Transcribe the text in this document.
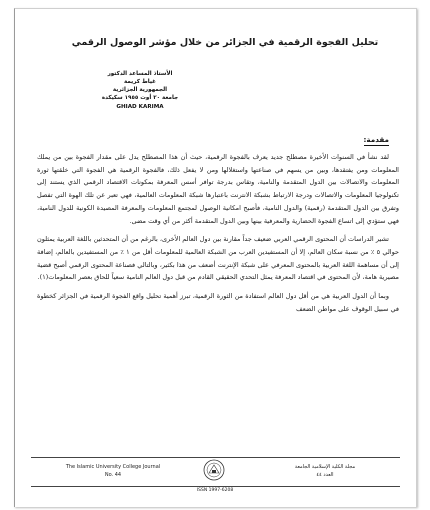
تحليل الفجوة الرقمية في الجزائر من خلال مؤشر الوصول الرقمي
الأستاذ المساعد الدكتور
غياط كريمة
الجمهورية الجزائرية
جامعة ٢٠ أوت ١٩٥٥ سكيكدة
GHIAD KARIMA
مقدمة:

لقد نشأ في السنوات الأخيرة مصطلح جديد يعرف بالفجوة الرقمية، حيث أن هذا المصطلح يدل على مقدار الفجوة بين من يملك المعلومات ومن يفتقدها، وبين من يسهم في صناعتها واستغلالها ومن لا يفعل ذلك، فالفجوة الرقمية هي الفجوة التي خلقتها ثورة المعلومات والاتصالات بين الدول المتقدمة والنامية، وتقاس بدرجة توافر أسس المعرفة بمكونات الاقتصاد الرقمي الذي يستند إلى تكنولوجيا المعلومات والاتصالات ودرجة الارتباط بشبكة الانترنت باعتبارها شبكة المعلومات العالمية، فهي تعبر عن تلك الهوة التي تفصل وتفرق بين الدول المتقدمة (رقمية) والدول النامية، فأصبح امكانية الوصول لمجتمع المعلومات والمعرفة المصيدة الكونية للدول النامية، فهي ستؤدي إلى اتساع الفجوة الحضارية والمعرفية بينها وبين الدول المتقدمة أكثر من أي وقت مضى.

تشير الدراسات أن المحتوى الرقمي العربي ضعيف جداً مقارنة بين دول العالم الأخرى، بالرغم من أن المتحدثين باللغة العربية يمثلون حوالي ٥ ٪ من نسبة سكان العالم، إلا أن المستفيدين العرب من الشبكة العالمية للمعلومات أقل من ١ ٪ من المستفيدين بالعالم، إضافة إلى أن مساهمة اللغة العربية بالمحتوى المعرفي على شبكة الإنترنت أضعف من هذا بكثير، وبالتالي فصناعة المحتوى الرقمي أصبح قضية مصيرية هامة، لأن المحتوى في اقتصاد المعرفة يمثل التحدي الحقيقي القادم من قبل دول العالم النامية سعياً للحاق بعصر المعلومات(١).

وبما أن الدول العربية هي من أقل دول العالم استفادة من الثورة الرقمية، تبرز أهمية تحليل واقع الفجوة الرقمية في الجزائر كخطوة في سبيل الوقوف على مواطن الضعف

The Islamic University College Journal
No. 44
مجلة الكلية الإسلامية الجامعة
العدد ٤٤
ISSN 1997-6208
